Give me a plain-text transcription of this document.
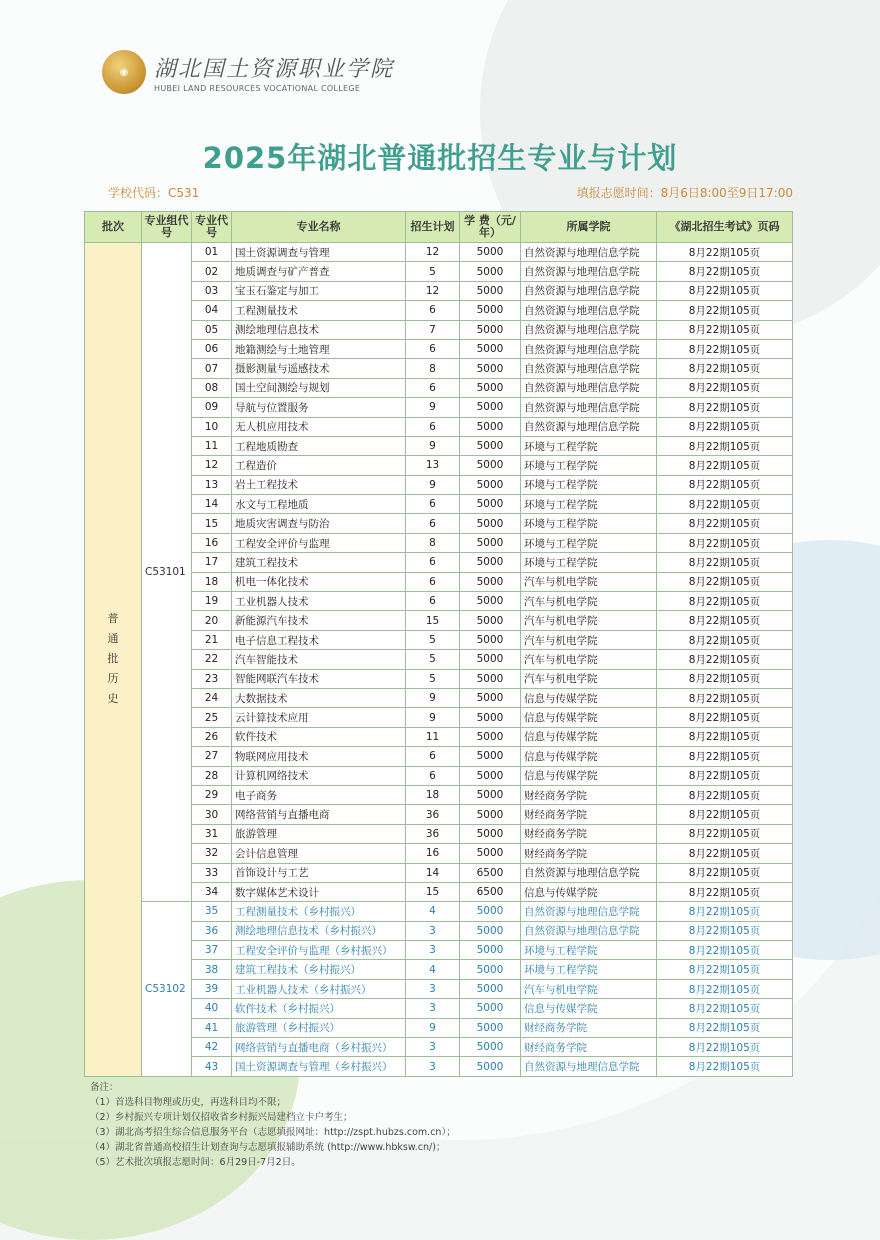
◉	湖北国土资源职业学院
HUBEI LAND RESOURCES VOCATIONAL COLLEGE
2025年湖北普通批招生专业与计划
学校代码：C531	填报志愿时间：8月6日8:00至9日17:00
批次	专业组代号	专业代号	专业名称	招生计划	学 费（元/年）	所属学院	《湖北招生考试》页码
普通批历史	C53101	01	国土资源调查与管理	12	5000	自然资源与地理信息学院	8月22期105页
		02	地质调查与矿产普查	5	5000	自然资源与地理信息学院	8月22期105页
		03	宝玉石鉴定与加工	12	5000	自然资源与地理信息学院	8月22期105页
		04	工程测量技术	6	5000	自然资源与地理信息学院	8月22期105页
		05	测绘地理信息技术	7	5000	自然资源与地理信息学院	8月22期105页
		06	地籍测绘与土地管理	6	5000	自然资源与地理信息学院	8月22期105页
		07	摄影测量与遥感技术	8	5000	自然资源与地理信息学院	8月22期105页
		08	国土空间测绘与规划	6	5000	自然资源与地理信息学院	8月22期105页
		09	导航与位置服务	9	5000	自然资源与地理信息学院	8月22期105页
		10	无人机应用技术	6	5000	自然资源与地理信息学院	8月22期105页
		11	工程地质勘查	9	5000	环境与工程学院	8月22期105页
		12	工程造价	13	5000	环境与工程学院	8月22期105页
		13	岩土工程技术	9	5000	环境与工程学院	8月22期105页
		14	水文与工程地质	6	5000	环境与工程学院	8月22期105页
		15	地质灾害调查与防治	6	5000	环境与工程学院	8月22期105页
		16	工程安全评价与监理	8	5000	环境与工程学院	8月22期105页
		17	建筑工程技术	6	5000	环境与工程学院	8月22期105页
		18	机电一体化技术	6	5000	汽车与机电学院	8月22期105页
		19	工业机器人技术	6	5000	汽车与机电学院	8月22期105页
		20	新能源汽车技术	15	5000	汽车与机电学院	8月22期105页
		21	电子信息工程技术	5	5000	汽车与机电学院	8月22期105页
		22	汽车智能技术	5	5000	汽车与机电学院	8月22期105页
		23	智能网联汽车技术	5	5000	汽车与机电学院	8月22期105页
		24	大数据技术	9	5000	信息与传媒学院	8月22期105页
		25	云计算技术应用	9	5000	信息与传媒学院	8月22期105页
		26	软件技术	11	5000	信息与传媒学院	8月22期105页
		27	物联网应用技术	6	5000	信息与传媒学院	8月22期105页
		28	计算机网络技术	6	5000	信息与传媒学院	8月22期105页
		29	电子商务	18	5000	财经商务学院	8月22期105页
		30	网络营销与直播电商	36	5000	财经商务学院	8月22期105页
		31	旅游管理	36	5000	财经商务学院	8月22期105页
		32	会计信息管理	16	5000	财经商务学院	8月22期105页
		33	首饰设计与工艺	14	6500	自然资源与地理信息学院	8月22期105页
		34	数字媒体艺术设计	15	6500	信息与传媒学院	8月22期105页
	C53102	35	工程测量技术（乡村振兴）	4	5000	自然资源与地理信息学院	8月22期105页
		36	测绘地理信息技术（乡村振兴）	3	5000	自然资源与地理信息学院	8月22期105页
		37	工程安全评价与监理（乡村振兴）	3	5000	环境与工程学院	8月22期105页
		38	建筑工程技术（乡村振兴）	4	5000	环境与工程学院	8月22期105页
		39	工业机器人技术（乡村振兴）	3	5000	汽车与机电学院	8月22期105页
		40	软件技术（乡村振兴）	3	5000	信息与传媒学院	8月22期105页
		41	旅游管理（乡村振兴）	9	5000	财经商务学院	8月22期105页
		42	网络营销与直播电商（乡村振兴）	3	5000	财经商务学院	8月22期105页
		43	国土资源调查与管理（乡村振兴）	3	5000	自然资源与地理信息学院	8月22期105页
备注：
（1）首选科目物理或历史，再选科目均不限；
（2）乡村振兴专项计划仅招收省乡村振兴局建档立卡户考生；
（3）湖北高考招生综合信息服务平台（志愿填报网址：http://zspt.hubzs.com.cn）；
（4）湖北省普通高校招生计划查询与志愿填报辅助系统 (http://www.hbksw.cn/)；
（5）艺术批次填报志愿时间：6月29日-7月2日。
